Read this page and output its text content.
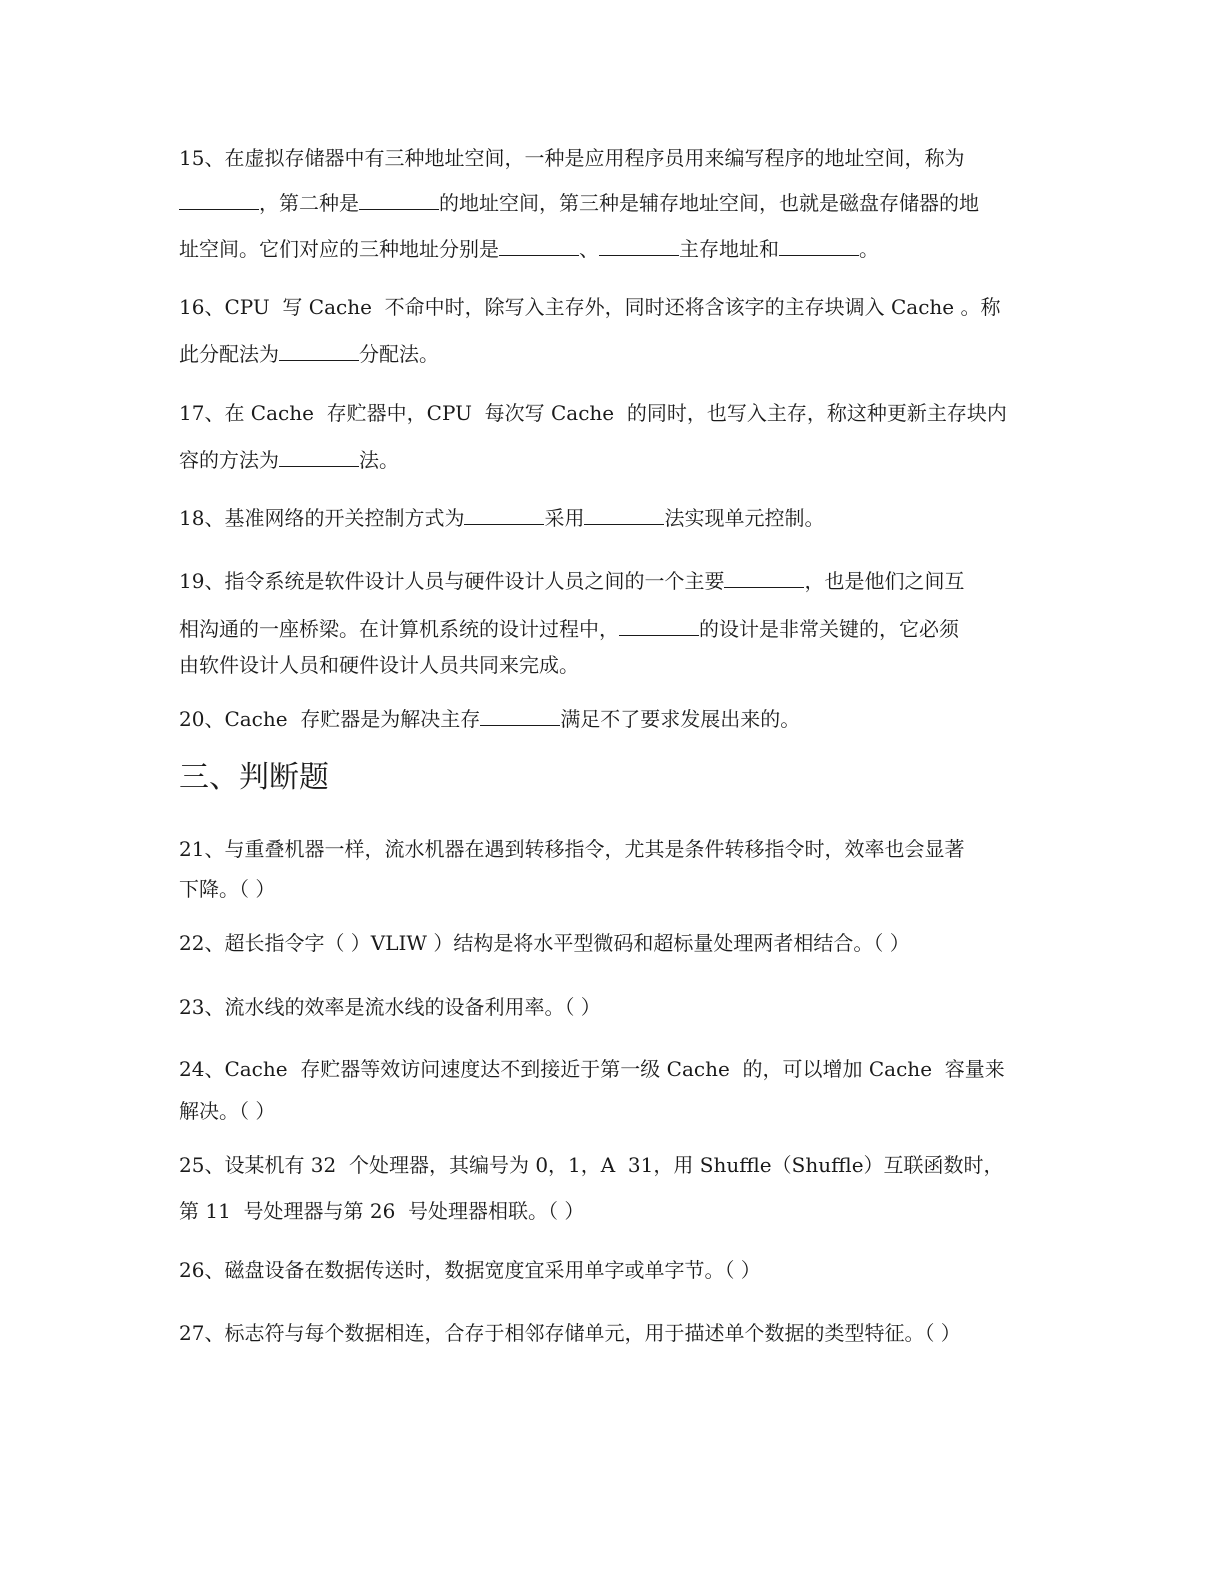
15、在虚拟存储器中有三种地址空间，一种是应用程序员用来编写程序的地址空间，称为
，第二种是	的地址空间，第三种是辅存地址空间，也就是磁盘存储器的地
址空间。它们对应的三种地址分别是	、	主存地址和	。
16、CPU  写 Cache  不命中时，除写入主存外，同时还将含该字的主存块调入 Cache 。称
此分配法为	分配法。
17、在 Cache  存贮器中，CPU  每次写 Cache  的同时，也写入主存，称这种更新主存块内
容的方法为	法。
18、基准网络的开关控制方式为	采用	法实现单元控制。
19、指令系统是软件设计人员与硬件设计人员之间的一个主要	，也是他们之间互
相沟通的一座桥梁。在计算机系统的设计过程中，	的设计是非常关键的，它必须
由软件设计人员和硬件设计人员共同来完成。
20、Cache  存贮器是为解决主存	满足不了要求发展出来的。
三、判断题
21、与重叠机器一样，流水机器在遇到转移指令，尤其是条件转移指令时，效率也会显著
下降。（ ）
22、超长指令字（ ）VLIW ）结构是将水平型微码和超标量处理两者相结合。（ ）
23、流水线的效率是流水线的设备利用率。（ ）
24、Cache  存贮器等效访问速度达不到接近于第一级 Cache  的，可以增加 Cache  容量来
解决。（ ）
25、设某机有 32  个处理器，其编号为 0，1，A  31，用 Shuffle（Shuffle）互联函数时，
第 11  号处理器与第 26  号处理器相联。（ ）
26、磁盘设备在数据传送时，数据宽度宜采用单字或单字节。（ ）
27、标志符与每个数据相连，合存于相邻存储单元，用于描述单个数据的类型特征。（ ）
